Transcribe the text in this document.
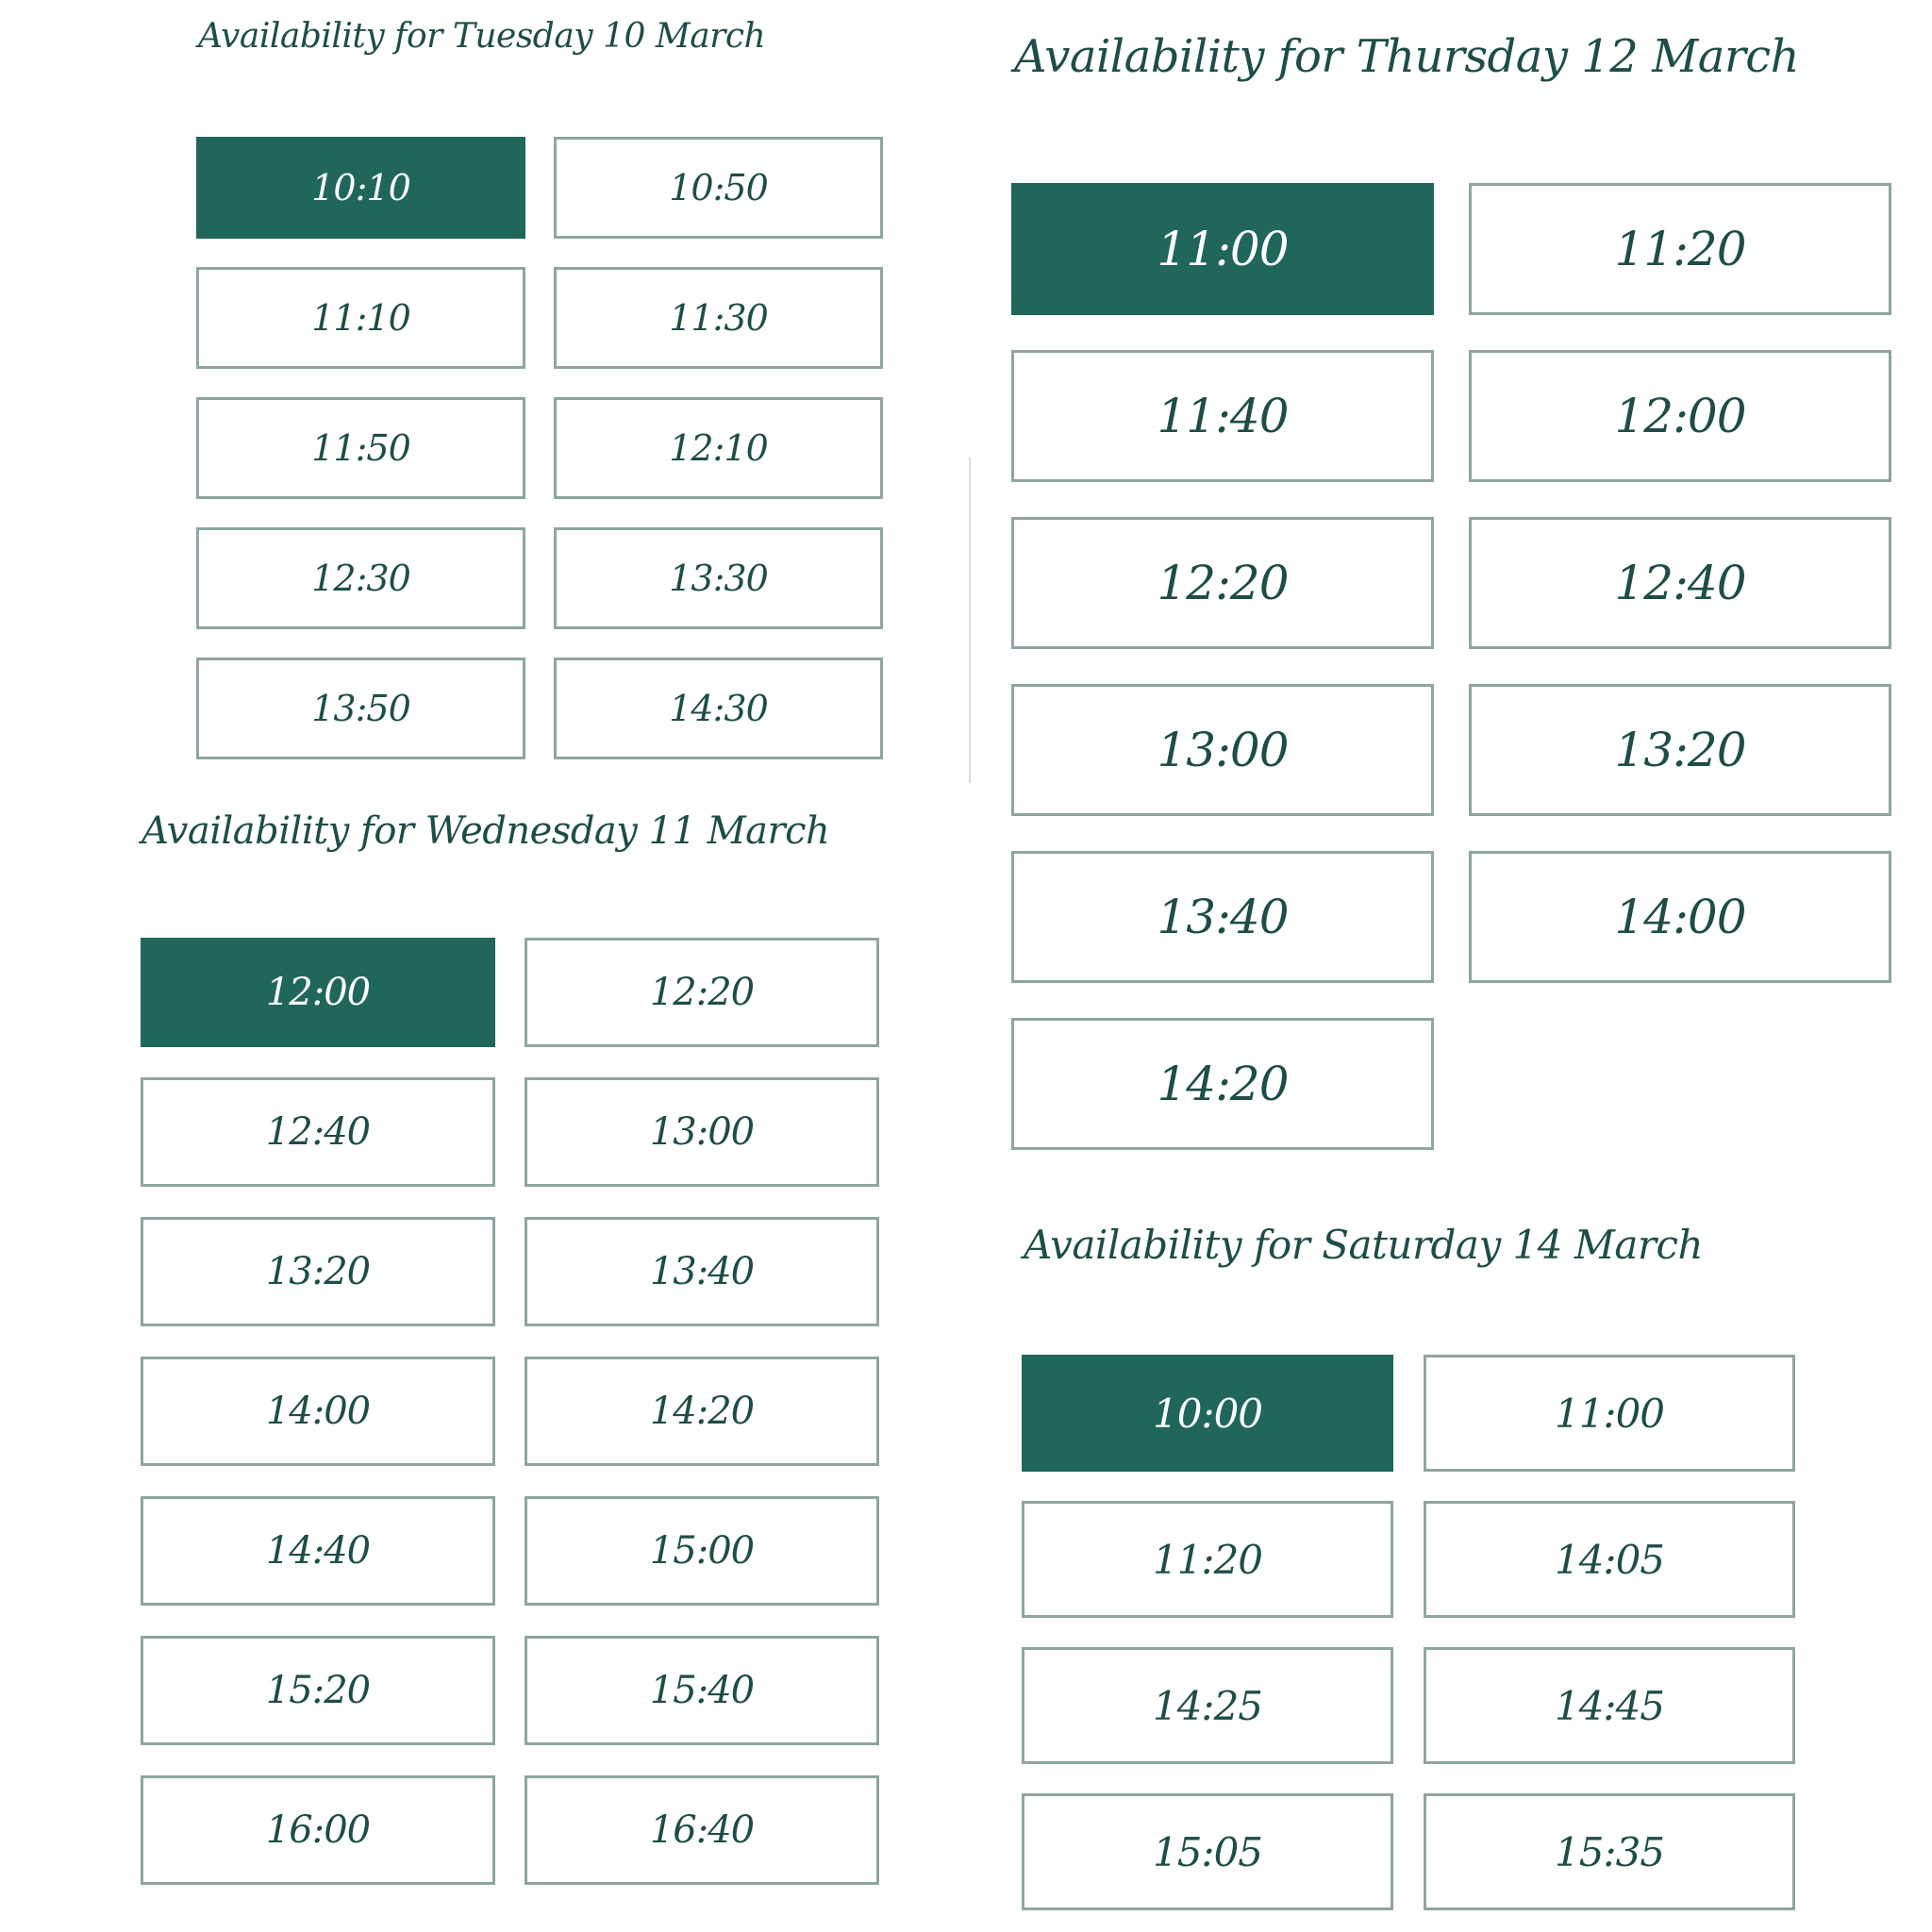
Availability for Tuesday 10 March
10:10	10:50
11:10	11:30
11:50	12:10
12:30	13:30
13:50	14:30
Availability for Wednesday 11 March
12:00	12:20
12:40	13:00
13:20	13:40
14:00	14:20
14:40	15:00
15:20	15:40
16:00	16:40
Availability for Thursday 12 March
11:00	11:20
11:40	12:00
12:20	12:40
13:00	13:20
13:40	14:00
14:20
Availability for Saturday 14 March
10:00	11:00
11:20	14:05
14:25	14:45
15:05	15:35
